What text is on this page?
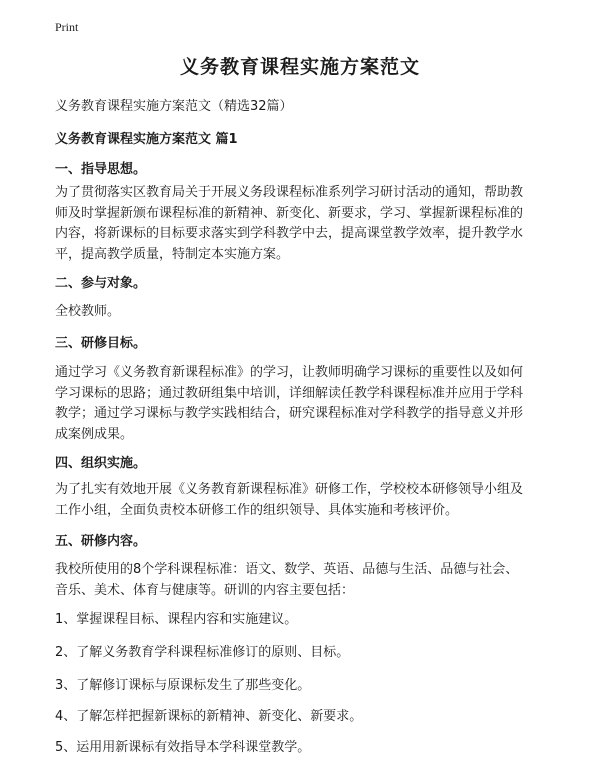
Print
义务教育课程实施方案范文
义务教育课程实施方案范文（精选32篇）
义务教育课程实施方案范文 篇1
一、指导思想。
为了贯彻落实区教育局关于开展义务段课程标准系列学习研讨活动的通知，帮助教
师及时掌握新颁布课程标准的新精神、新变化、新要求，学习、掌握新课程标准的
内容，将新课标的目标要求落实到学科教学中去，提高课堂教学效率，提升教学水
平，提高教学质量，特制定本实施方案。
二、参与对象。
全校教师。
三、研修目标。
通过学习《义务教育新课程标准》的学习，让教师明确学习课标的重要性以及如何
学习课标的思路；通过教研组集中培训，详细解读任教学科课程标准并应用于学科
教学；通过学习课标与教学实践相结合，研究课程标准对学科教学的指导意义并形
成案例成果。
四、组织实施。
为了扎实有效地开展《义务教育新课程标准》研修工作，学校校本研修领导小组及
工作小组，全面负责校本研修工作的组织领导、具体实施和考核评价。
五、研修内容。
我校所使用的8个学科课程标准：语文、数学、英语、品德与生活、品德与社会、
音乐、美术、体育与健康等。研训的内容主要包括：
1、掌握课程目标、课程内容和实施建议。
2、了解义务教育学科课程标准修订的原则、目标。
3、了解修订课标与原课标发生了那些变化。
4、了解怎样把握新课标的新精神、新变化、新要求。
5、运用用新课标有效指导本学科课堂教学。
